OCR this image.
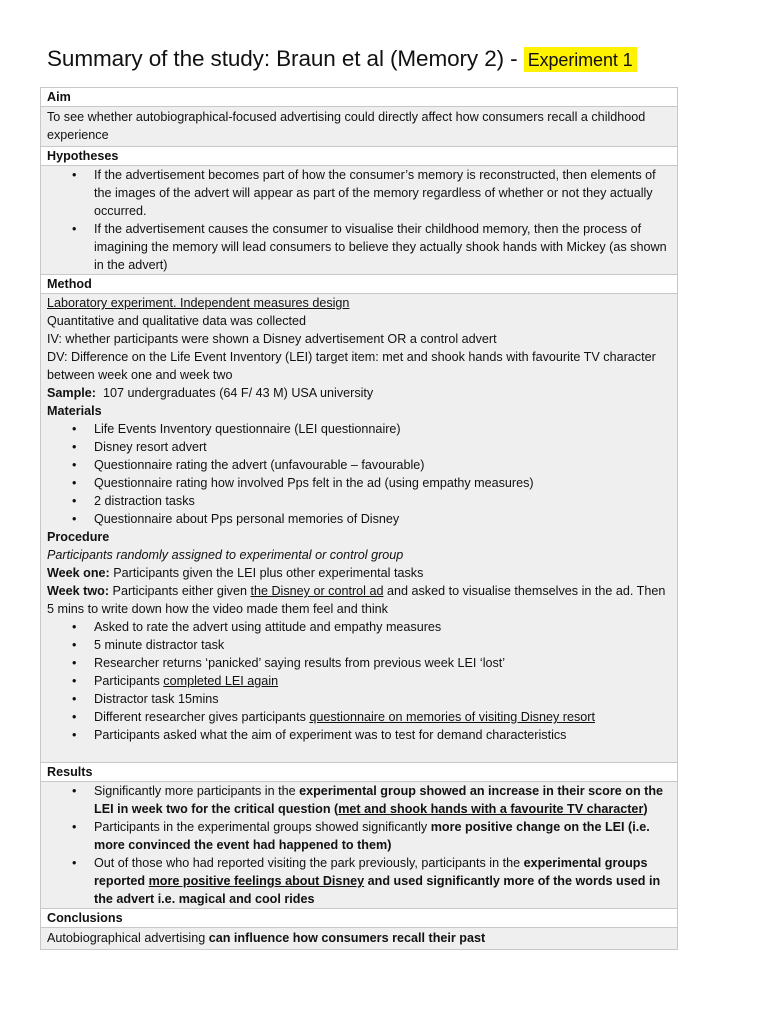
Summary of the study: Braun et al (Memory 2) - Experiment 1
Aim
To see whether autobiographical-focused advertising could directly affect how consumers recall a childhood experience
Hypotheses

• If the advertisement becomes part of how the consumer’s memory is reconstructed, then elements of the images of the advert will appear as part of the memory regardless of whether or not they actually occurred.
• If the advertisement causes the consumer to visualise their childhood memory, then the process of imagining the memory will lead consumers to believe they actually shook hands with Mickey (as shown in the advert)

Method

Laboratory experiment. Independent measures design

Quantitative and qualitative data was collected

IV: whether participants were shown a Disney advertisement OR a control advert

DV: Difference on the Life Event Inventory (LEI) target item: met and shook hands with favourite TV character between week one and week two

Sample:  107 undergraduates (64 F/ 43 M) USA university

Materials

• Life Events Inventory questionnaire (LEI questionnaire)
• Disney resort advert
• Questionnaire rating the advert (unfavourable – favourable)
• Questionnaire rating how involved Pps felt in the ad (using empathy measures)
• 2 distraction tasks
• Questionnaire about Pps personal memories of Disney

Procedure

Participants randomly assigned to experimental or control group

Week one: Participants given the LEI plus other experimental tasks

Week two: Participants either given the Disney or control ad and asked to visualise themselves in the ad. Then 5 mins to write down how the video made them feel and think

• Asked to rate the advert using attitude and empathy measures
• 5 minute distractor task
• Researcher returns ‘panicked’ saying results from previous week LEI ‘lost’
• Participants completed LEI again
• Distractor task 15mins
• Different researcher gives participants questionnaire on memories of visiting Disney resort
• Participants asked what the aim of experiment was to test for demand characteristics

Results

• Significantly more participants in the experimental group showed an increase in their score on the LEI in week two for the critical question (met and shook hands with a favourite TV character)
• Participants in the experimental groups showed significantly more positive change on the LEI (i.e. more convinced the event had happened to them)
• Out of those who had reported visiting the park previously, participants in the experimental groups reported more positive feelings about Disney and used significantly more of the words used in the advert i.e. magical and cool rides

Conclusions
Autobiographical advertising can influence how consumers recall their past
